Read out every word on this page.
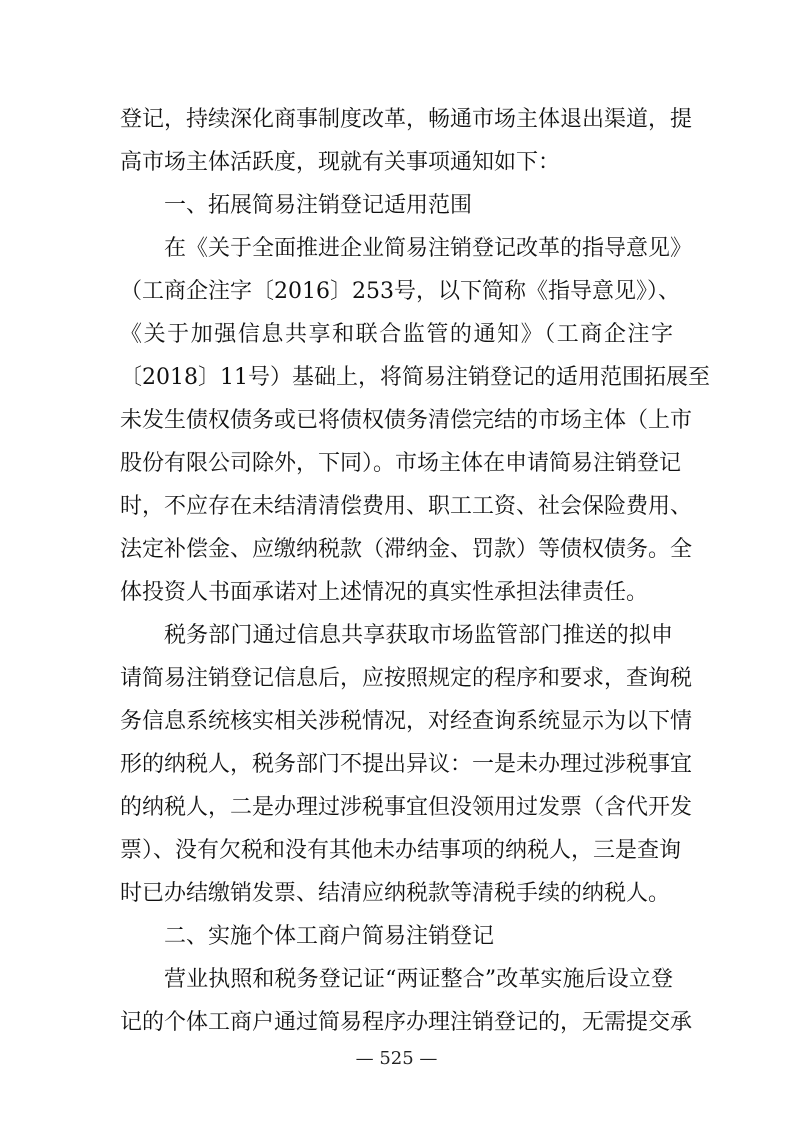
登记，持续深化商事制度改革，畅通市场主体退出渠道，提
高市场主体活跃度，现就有关事项通知如下：
一、拓展简易注销登记适用范围
在《关于全面推进企业简易注销登记改革的指导意见》
（工商企注字〔2016〕253号，以下简称《指导意见》）、
《关于加强信息共享和联合监管的通知》（工商企注字
〔2018〕11号）基础上，将简易注销登记的适用范围拓展至
未发生债权债务或已将债权债务清偿完结的市场主体（上市
股份有限公司除外，下同）。市场主体在申请简易注销登记
时，不应存在未结清清偿费用、职工工资、社会保险费用、
法定补偿金、应缴纳税款（滞纳金、罚款）等债权债务。全
体投资人书面承诺对上述情况的真实性承担法律责任。
税务部门通过信息共享获取市场监管部门推送的拟申
请简易注销登记信息后，应按照规定的程序和要求，查询税
务信息系统核实相关涉税情况，对经查询系统显示为以下情
形的纳税人，税务部门不提出异议：一是未办理过涉税事宜
的纳税人，二是办理过涉税事宜但没领用过发票（含代开发
票）、没有欠税和没有其他未办结事项的纳税人，三是查询
时已办结缴销发票、结清应纳税款等清税手续的纳税人。
二、实施个体工商户简易注销登记
营业执照和税务登记证“两证整合”改革实施后设立登
记的个体工商户通过简易程序办理注销登记的，无需提交承
— 525 —
